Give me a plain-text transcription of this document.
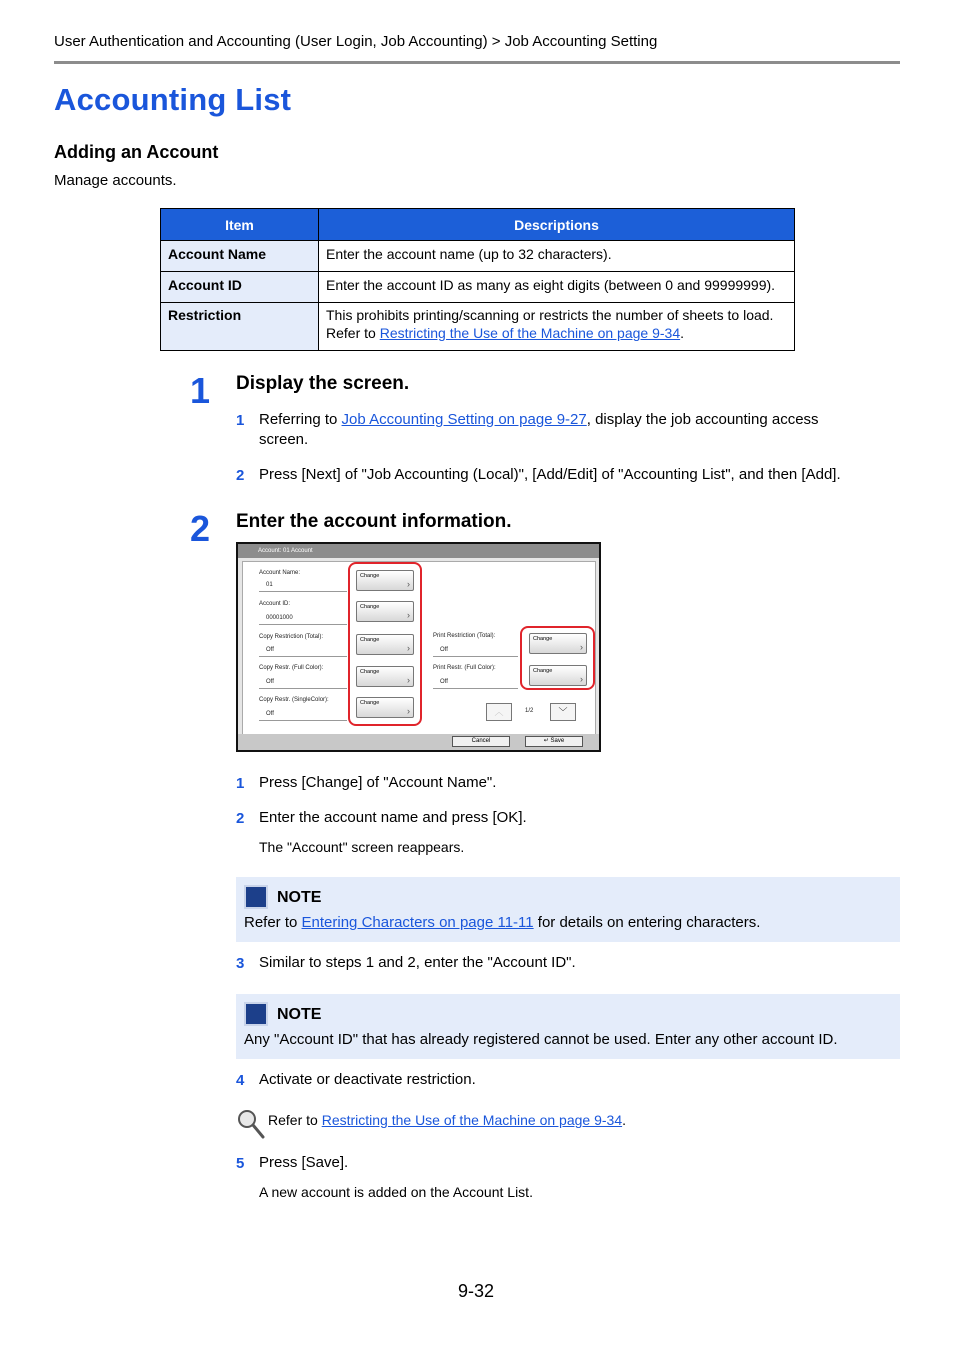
User Authentication and Accounting (User Login, Job Accounting) > Job Accounting Setting
Accounting List
Adding an Account
Manage accounts.
Item	Descriptions
Account Name	Enter the account name (up to 32 characters).
Account ID	Enter the account ID as many as eight digits (between 0 and 99999999).
Restriction	This prohibits printing/scanning or restricts the number of sheets to load.
Refer to Restricting the Use of the Machine on page 9-34.
1 Display the screen.
1 Referring to Job Accounting Setting on page 9-27, display the job accounting access
screen.
2 Press [Next] of "Job Accounting (Local)", [Add/Edit] of "Accounting List", and then [Add].
2 Enter the account information.
Account: 01 Account
Account Name:
01
Account ID:
00001000
Copy Restriction (Total):
Off
Copy Restr. (Full Color):
Off
Copy Restr. (SingleColor):
Off
Change
›
Change
›
Change
›
Change
›
Change
›
Print Restriction (Total):
Off
Print Restr. (Full Color):
Off
Change
›
Change
›
︿	1/2	﹀
Cancel	↵ Save
1 Press [Change] of "Account Name".
2 Enter the account name and press [OK].
The "Account" screen reappears.
NOTE
Refer to Entering Characters on page 11-11 for details on entering characters.
3 Similar to steps 1 and 2, enter the "Account ID".
NOTE
Any "Account ID" that has already registered cannot be used. Enter any other account ID.
4 Activate or deactivate restriction.
Refer to Restricting the Use of the Machine on page 9-34.
5 Press [Save].
A new account is added on the Account List.
9-32
